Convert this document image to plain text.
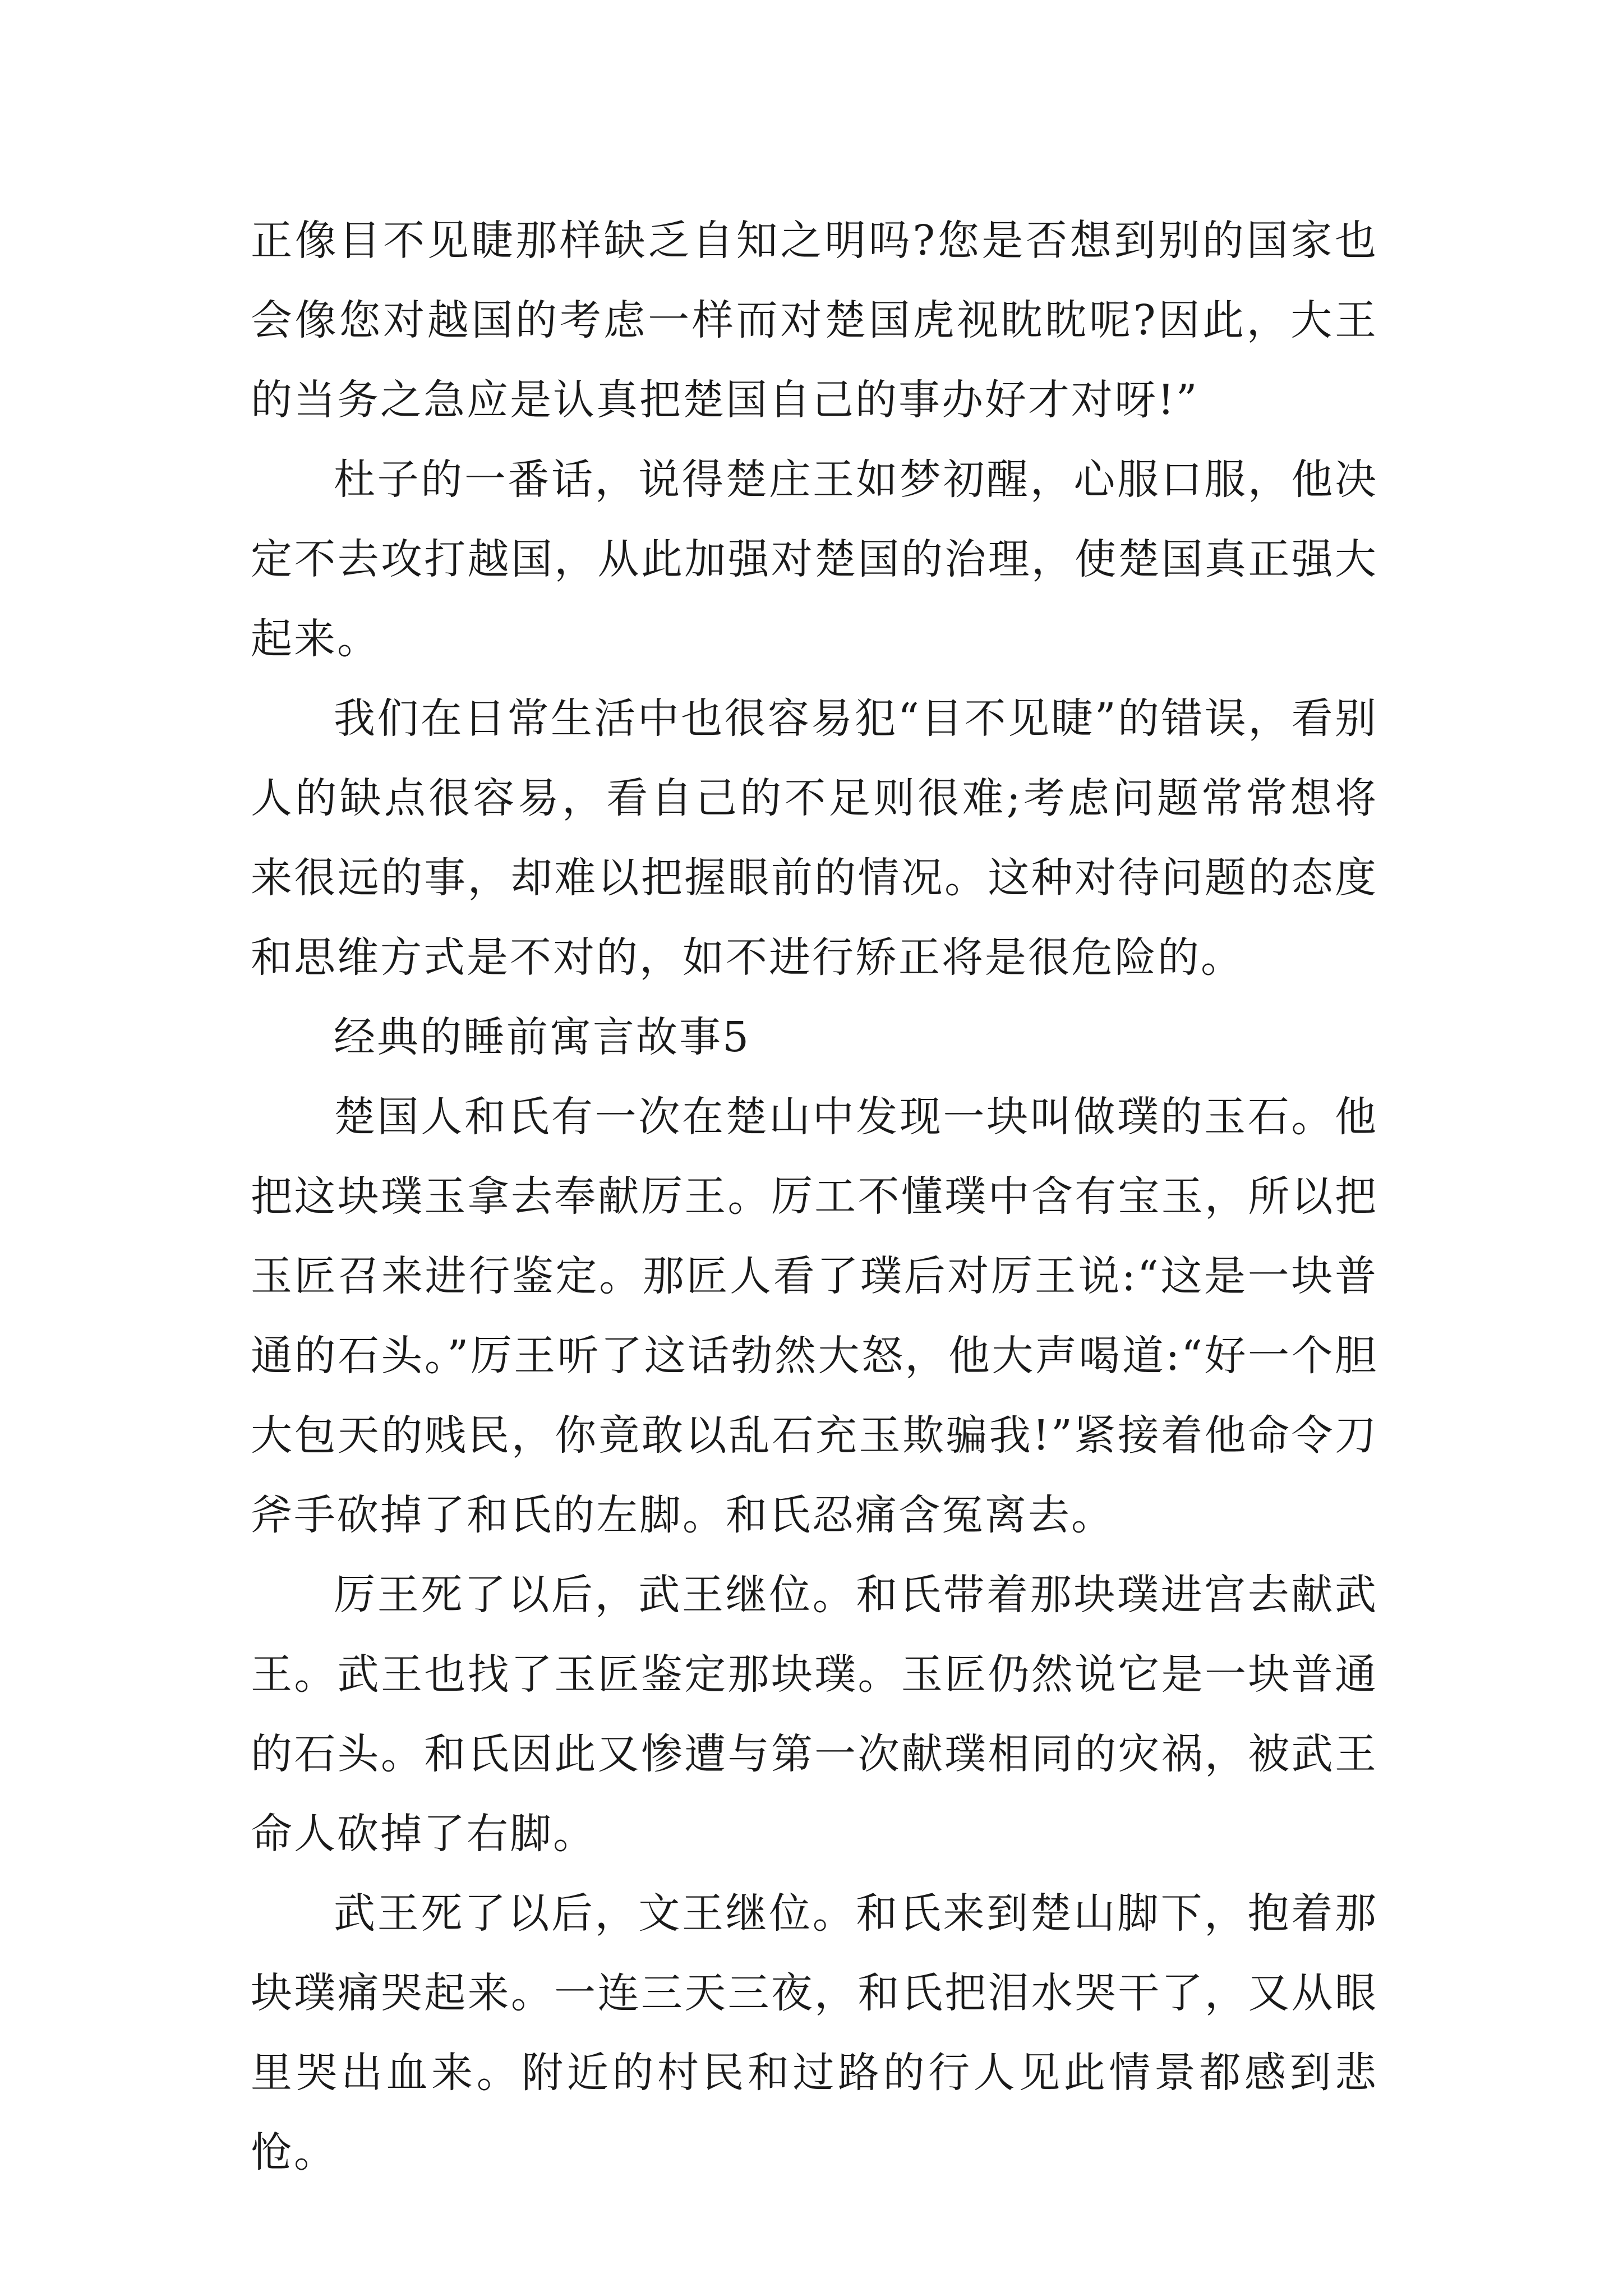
正像目不见睫那样缺乏自知之明吗?您是否想到别的国家也会像您对越国的考虑一样而对楚国虎视眈眈呢?因此，大王的当务之急应是认真把楚国自己的事办好才对呀!”

杜子的一番话，说得楚庄王如梦初醒，心服口服，他决定不去攻打越国，从此加强对楚国的治理，使楚国真正强大起来。

我们在日常生活中也很容易犯“目不见睫”的错误，看别人的缺点很容易，看自己的不足则很难;考虑问题常常想将来很远的事，却难以把握眼前的情况。这种对待问题的态度和思维方式是不对的，如不进行矫正将是很危险的。

经典的睡前寓言故事5

楚国人和氏有一次在楚山中发现一块叫做璞的玉石。他把这块璞玉拿去奉献厉王。厉工不懂璞中含有宝玉，所以把玉匠召来进行鉴定。那匠人看了璞后对厉王说:“这是一块普通的石头。”厉王听了这话勃然大怒，他大声喝道:“好一个胆大包天的贱民，你竟敢以乱石充玉欺骗我!”紧接着他命令刀斧手砍掉了和氏的左脚。和氏忍痛含冤离去。

厉王死了以后，武王继位。和氏带着那块璞进宫去献武王。武王也找了玉匠鉴定那块璞。玉匠仍然说它是一块普通的石头。和氏因此又惨遭与第一次献璞相同的灾祸，被武王命人砍掉了右脚。

武王死了以后，文王继位。和氏来到楚山脚下，抱着那块璞痛哭起来。一连三天三夜，和氏把泪水哭干了，又从眼里哭出血来。附近的村民和过路的行人见此情景都感到悲怆。
